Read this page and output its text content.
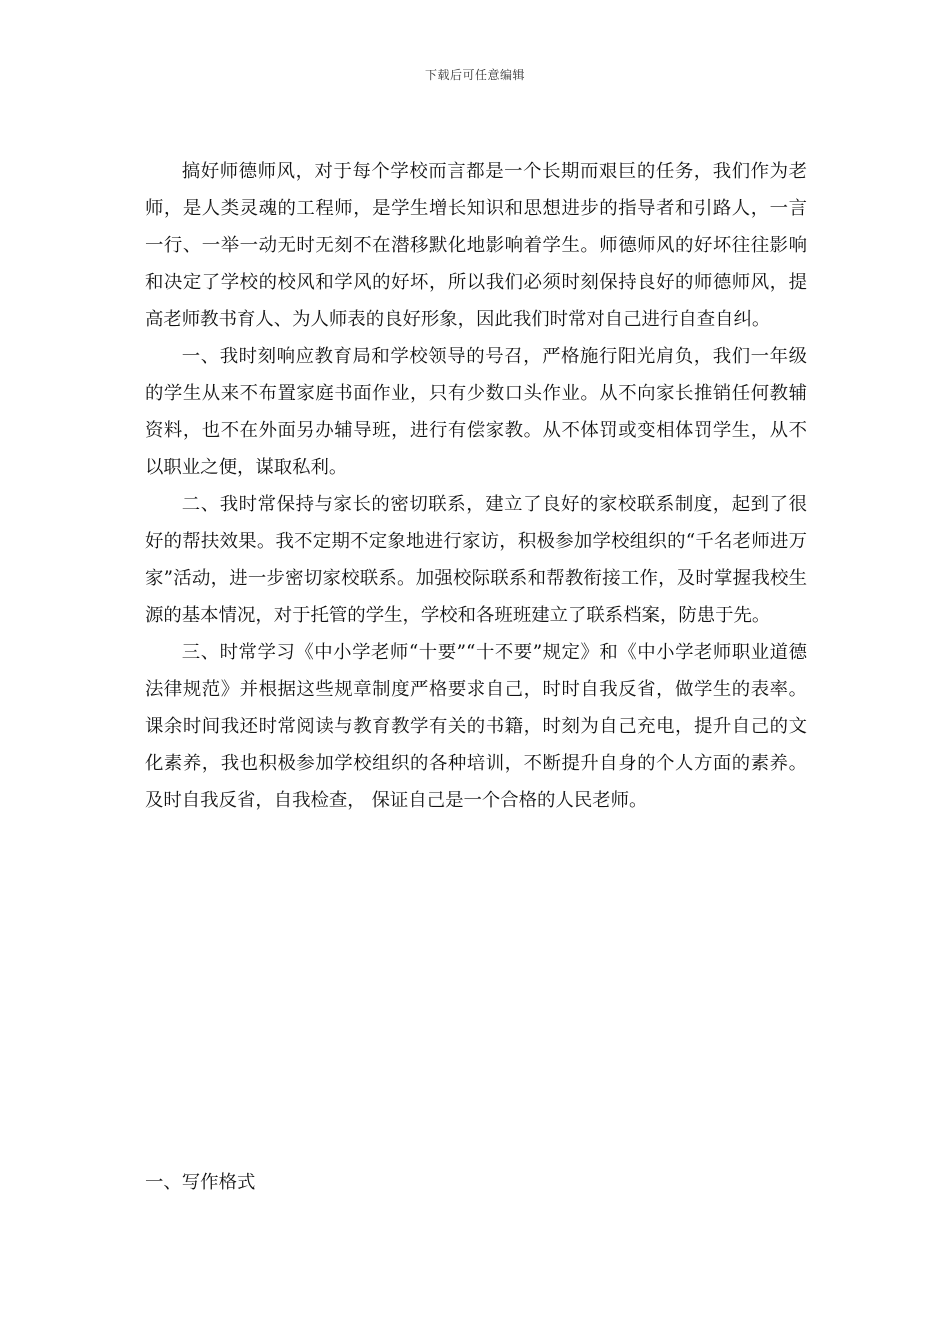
下载后可任意编辑

搞好师德师风，对于每个学校而言都是一个长期而艰巨的任务，我们作为老师，是人类灵魂的工程师，是学生增长知识和思想进步的指导者和引路人，一言一行、一举一动无时无刻不在潜移默化地影响着学生。师德师风的好坏往往影响和决定了学校的校风和学风的好坏，所以我们必须时刻保持良好的师德师风，提高老师教书育人、为人师表的良好形象，因此我们时常对自己进行自查自纠。

一、我时刻响应教育局和学校领导的号召，严格施行阳光肩负，我们一年级的学生从来不布置家庭书面作业，只有少数口头作业。从不向家长推销任何教辅资料，也不在外面另办辅导班，进行有偿家教。从不体罚或变相体罚学生，从不以职业之便，谋取私利。

二、我时常保持与家长的密切联系，建立了良好的家校联系制度，起到了很好的帮扶效果。我不定期不定象地进行家访，积极参加学校组织的“千名老师进万家”活动，进一步密切家校联系。加强校际联系和帮教衔接工作，及时掌握我校生源的基本情况，对于托管的学生，学校和各班班建立了联系档案，防患于先。

三、时常学习《中小学老师“十要”“十不要”规定》和《中小学老师职业道德法律规范》并根据这些规章制度严格要求自己，时时自我反省，做学生的表率。课余时间我还时常阅读与教育教学有关的书籍，时刻为自己充电，提升自己的文化素养，我也积极参加学校组织的各种培训，不断提升自身的个人方面的素养。及时自我反省，自我检查， 保证自己是一个合格的人民老师。

一、写作格式
